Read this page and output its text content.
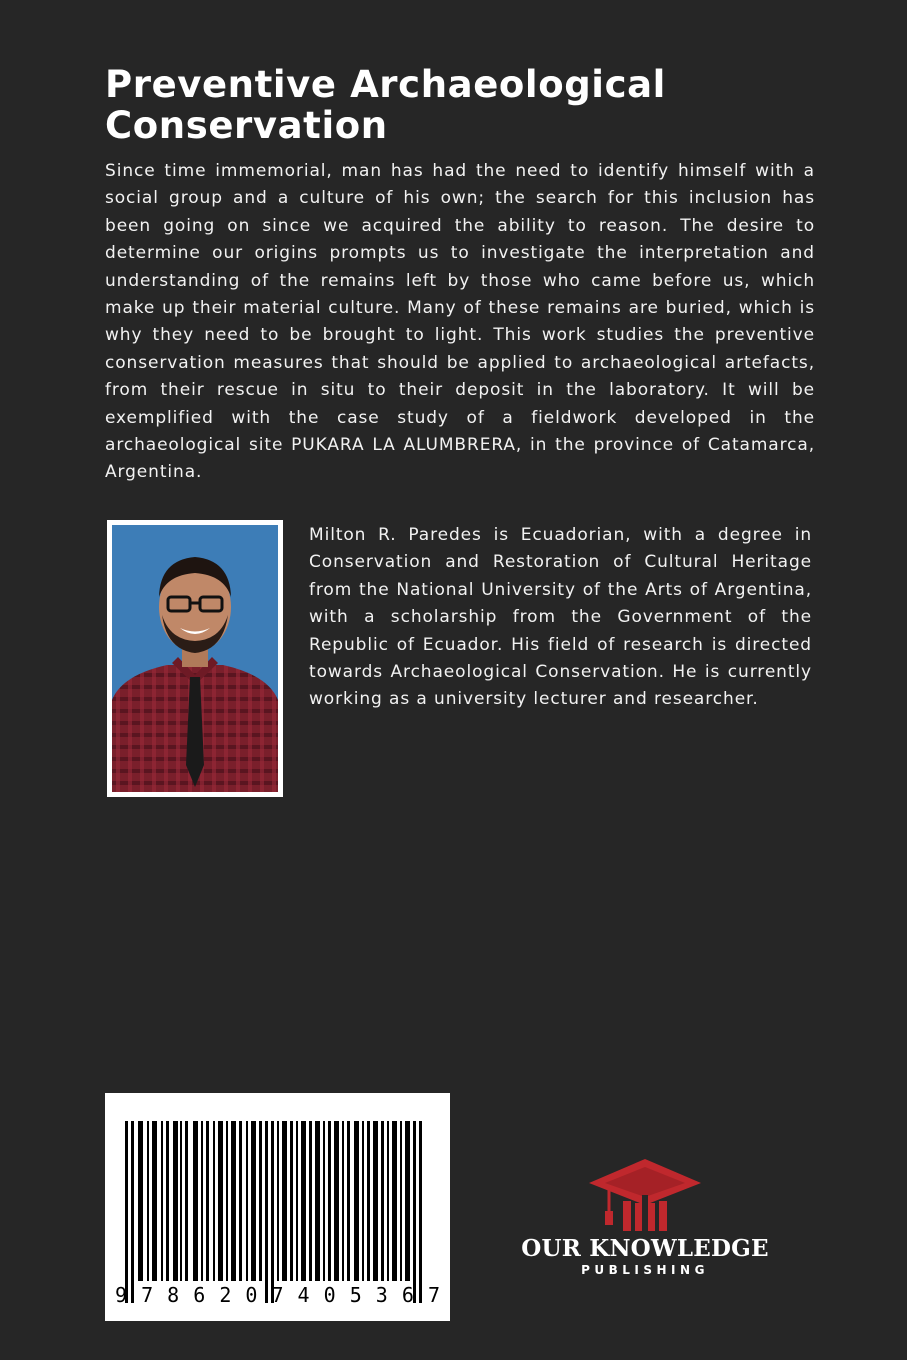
Preventive Archaeological Conservation

Since time immemorial, man has had the need to identify himself with a social group and a culture of his own; the search for this inclusion has been going on since we acquired the ability to reason. The desire to determine our origins prompts us to investigate the interpretation and understanding of the remains left by those who came before us, which make up their material culture. Many of these remains are buried, which is why they need to be brought to light. This work studies the preventive conservation measures that should be applied to archaeological artefacts, from their rescue in situ to their deposit in the laboratory. It will be exemplified with the case study of a fieldwork developed in the archaeological site PUKARA LA ALUMBRERA, in the province of Catamarca, Argentina.

Milton R. Paredes is Ecuadorian, with a degree in Conservation and Restoration of Cultural Heritage from the National University of the Arts of Argentina, with a scholarship from the Government of the Republic of Ecuador. His field of research is directed towards Archaeological Conservation. He is currently working as a university lecturer and researcher.

9 7 8 6 2 0 7 4 0 5 3 6 7
OUR KNOWLEDGE
PUBLISHING
